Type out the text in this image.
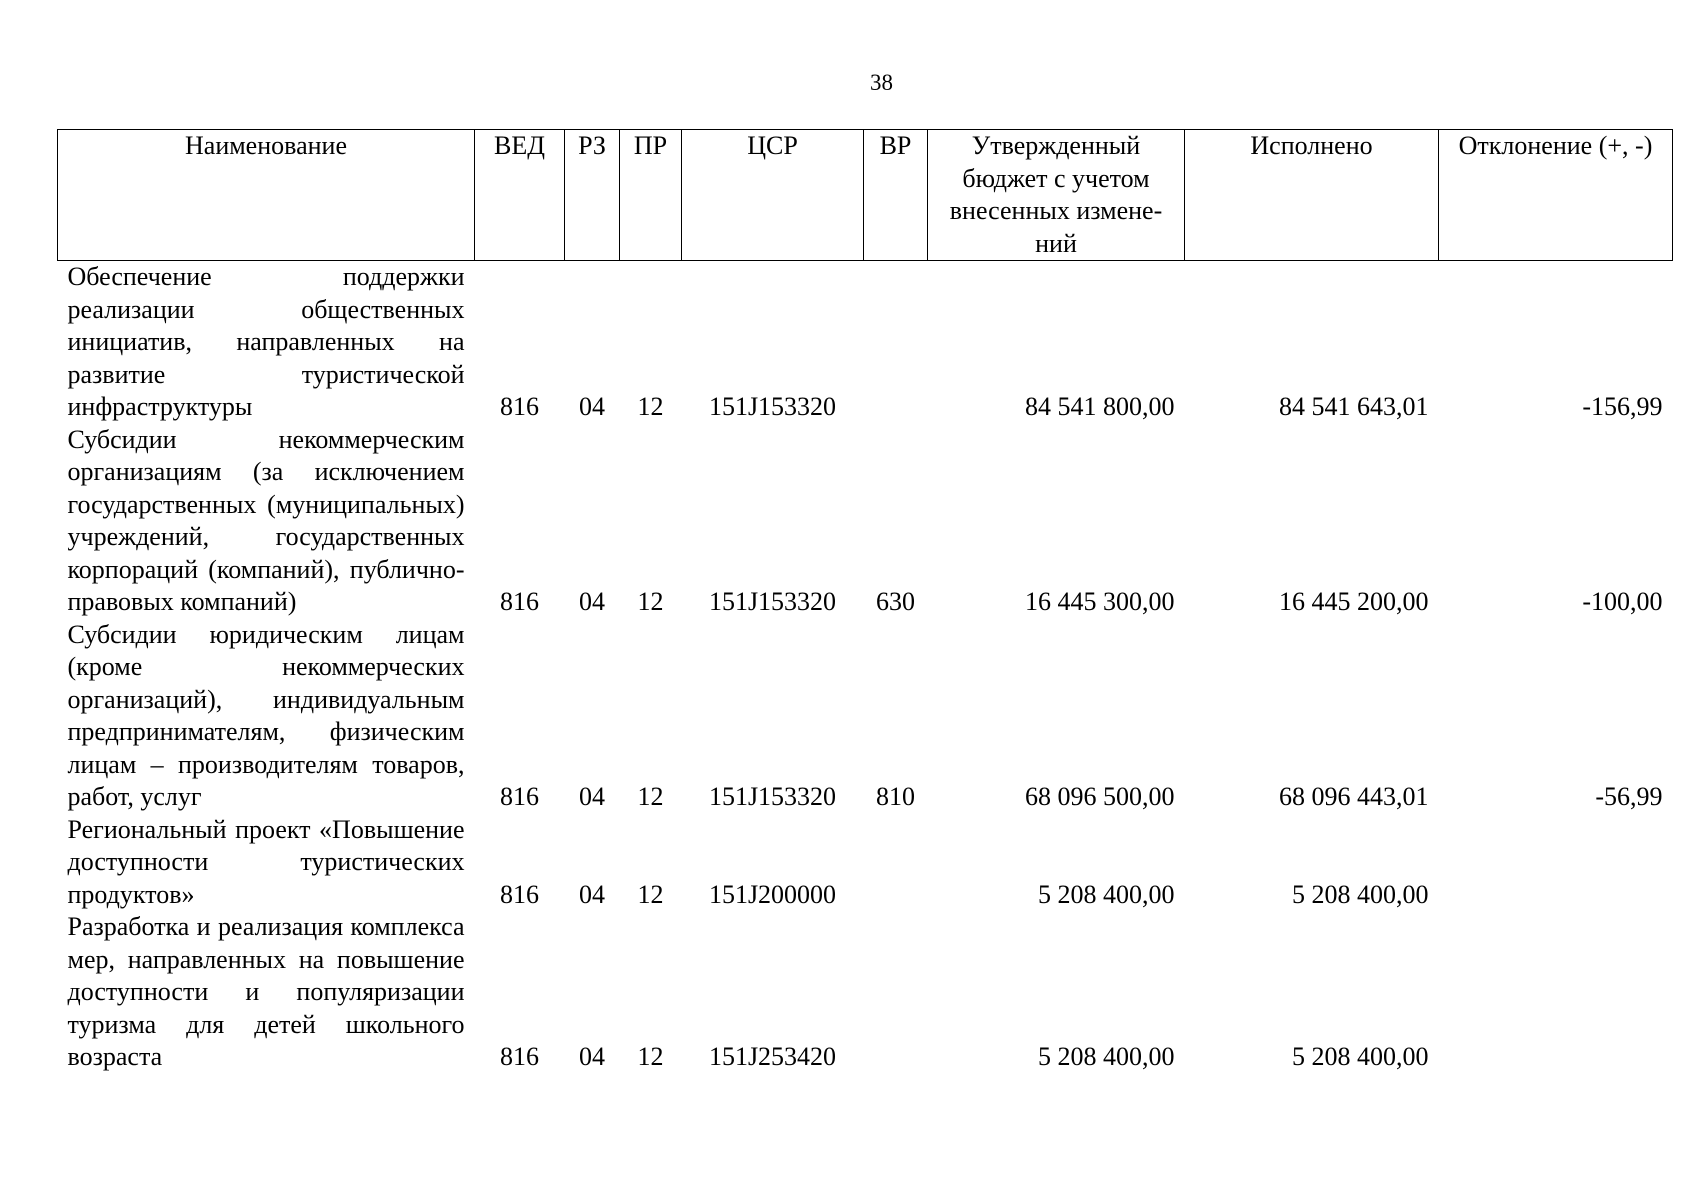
38
Наименование	ВЕД	РЗ	ПР	ЦСР	ВР	Утвержденный бюджет с учетом внесенных измене-ний	Исполнено	Отклонение (+, -)
Обеспечение поддержки реализации общественных инициатив, направленных на развитие туристической инфраструктуры	816	04	12	151J153320		84 541 800,00	84 541 643,01	-156,99
Субсидии некоммерческим организациям (за исключением государственных (муниципальных) учреждений, государственных корпораций (компаний), публично-правовых компаний)	816	04	12	151J153320	630	16 445 300,00	16 445 200,00	-100,00
Субсидии юридическим лицам (кроме некоммерческих организаций), индивидуальным предпринимателям, физическим лицам – производителям товаров, работ, услуг	816	04	12	151J153320	810	68 096 500,00	68 096 443,01	-56,99
Региональный проект «Повышение доступности туристических продуктов»	816	04	12	151J200000		5 208 400,00	5 208 400,00	
Разработка и реализация комплекса мер, направленных на повышение доступности и популяризации туризма для детей школьного возраста	816	04	12	151J253420		5 208 400,00	5 208 400,00	
